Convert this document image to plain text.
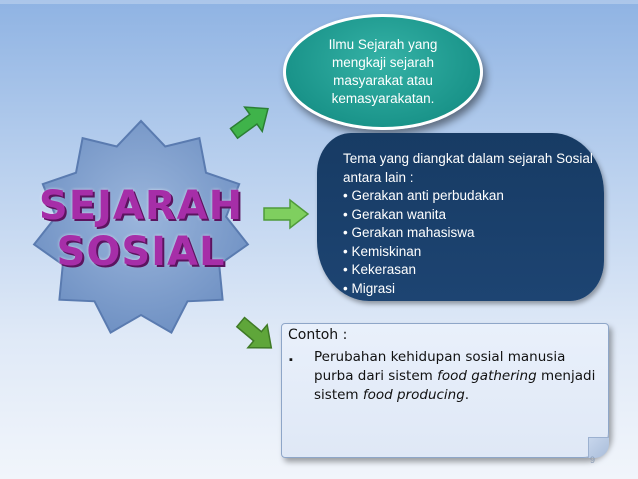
SEJARAH
SOSIAL
Ilmu Sejarah yang mengkaji sejarah masyarakat atau kemasyarakatan.
Tema yang diangkat dalam sejarah Sosial antara lain :
• Gerakan anti perbudakan
• Gerakan wanita
• Gerakan mahasiswa
• Kemiskinan
• Kekerasan
• Migrasi
Contoh :
▪ Perubahan kehidupan sosial manusia purba dari sistem food gathering menjadi sistem food producing.
9
